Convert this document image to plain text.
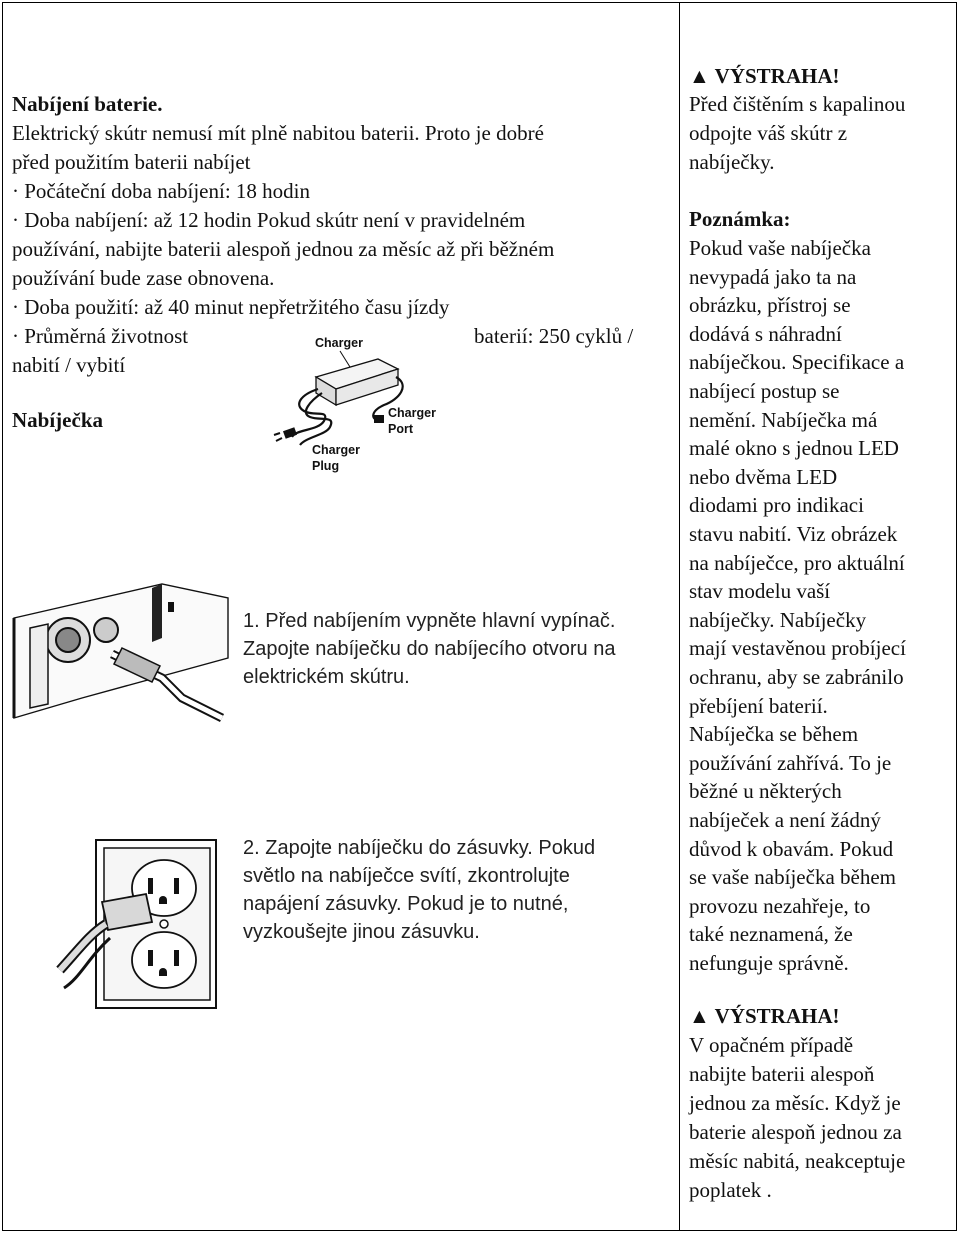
Nabíjení baterie.
Elektrický skútr nemusí mít plně nabitou baterii. Proto je dobré
před použitím baterii nabíjet
· Počáteční doba nabíjení: 18 hodin
· Doba nabíjení: až 12 hodin Pokud skútr není v pravidelném
používání, nabijte baterii alespoň jednou za měsíc až při běžném
používání bude zase obnovena.
· Doba použití: až 40 minut nepřetržitého času jízdy
· Průměrná životnost	baterií: 250 cyklů /
nabití / vybití
Nabíječka
Charger
Charger
Port
Charger
Plug
1. Před nabíjením vypněte hlavní vypínač.
Zapojte nabíječku do nabíjecího otvoru na
elektrickém skútru.
2. Zapojte nabíječku do zásuvky. Pokud
světlo na nabíječce svítí, zkontrolujte
napájení zásuvky. Pokud je to nutné,
vyzkoušejte jinou zásuvku.
▲ VÝSTRAHA!
Před čištěním s kapalinou
odpojte váš skútr z
nabíječky.
Poznámka:
Pokud vaše nabíječka
nevypadá jako ta na
obrázku, přístroj se
dodává s náhradní
nabíječkou. Specifikace a
nabíjecí postup se
nemění. Nabíječka má
malé okno s jednou LED
nebo dvěma LED
diodami pro indikaci
stavu nabití. Viz obrázek
na nabíječce, pro aktuální
stav modelu vaší
nabíječky. Nabíječky
mají vestavěnou probíjecí
ochranu, aby se zabránilo
přebíjení baterií.
Nabíječka se během
používání zahřívá. To je
běžné u některých
nabíječek a není žádný
důvod k obavám. Pokud
se vaše nabíječka během
provozu nezahřeje, to
také neznamená, že
nefunguje správně.
▲ VÝSTRAHA!
V opačném případě
nabijte baterii alespoň
jednou za měsíc. Když je
baterie alespoň jednou za
měsíc nabitá, neakceptuje
poplatek .
